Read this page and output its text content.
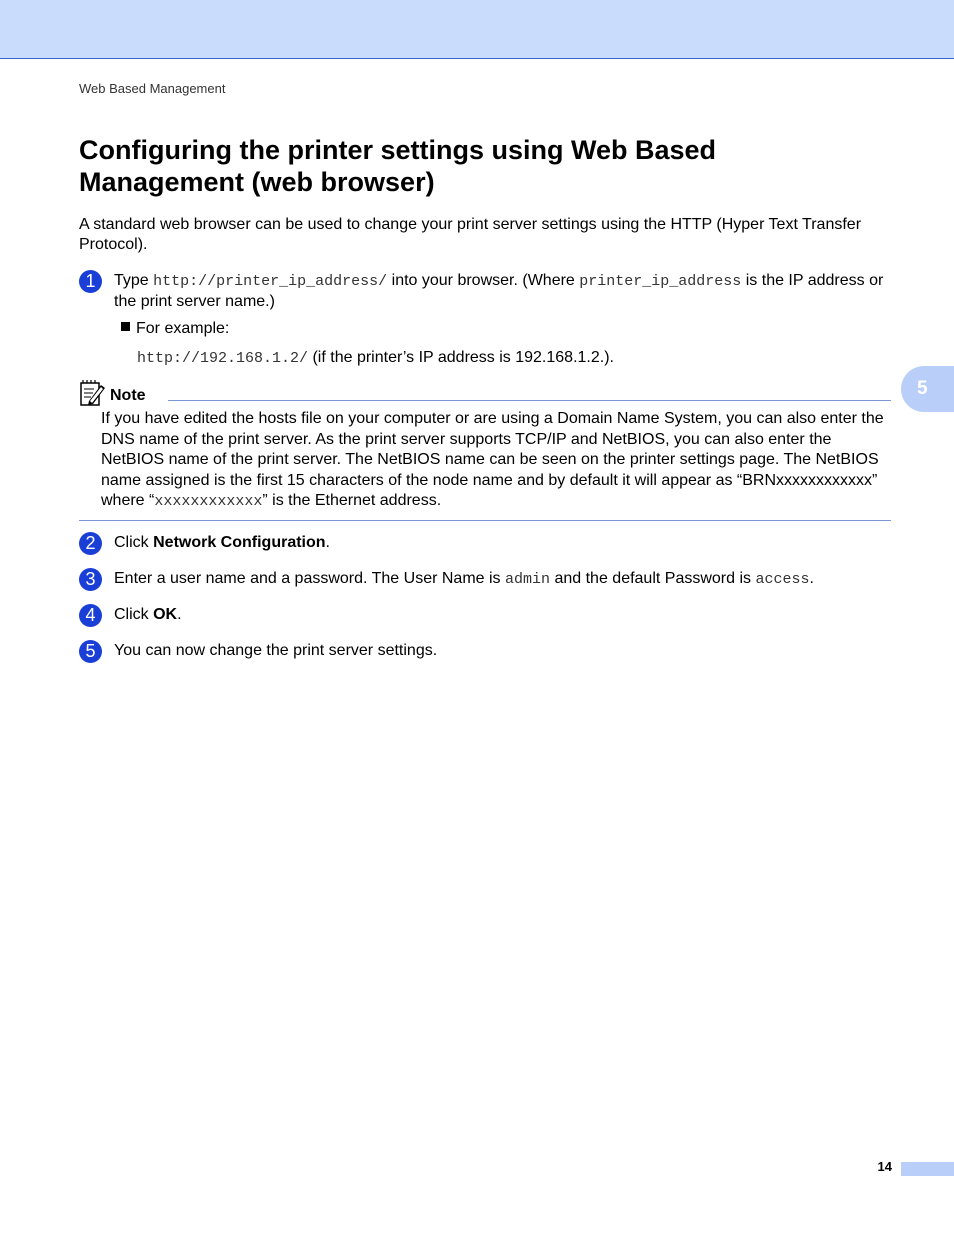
Web Based Management
Configuring the printer settings using Web Based Management (web browser)

A standard web browser can be used to change your print server settings using the HTTP (Hyper Text Transfer Protocol).

1	Type http://printer_ip_address/ into your browser. (Where printer_ip_address is the IP address or the print server name.)
For example:
http://192.168.1.2/ (if the printer’s IP address is 192.168.1.2.).
Note

If you have edited the hosts file on your computer or are using a Domain Name System, you can also enter the DNS name of the print server. As the print server supports TCP/IP and NetBIOS, you can also enter the NetBIOS name of the print server. The NetBIOS name can be seen on the printer settings page. The NetBIOS name assigned is the first 15 characters of the node name and by default it will appear as “BRNxxxxxxxxxxxx” where “xxxxxxxxxxxx” is the Ethernet address.

2	Click Network Configuration.
3	Enter a user name and a password. The User Name is admin and the default Password is access.
4	Click OK.
5	You can now change the print server settings.
5
14
